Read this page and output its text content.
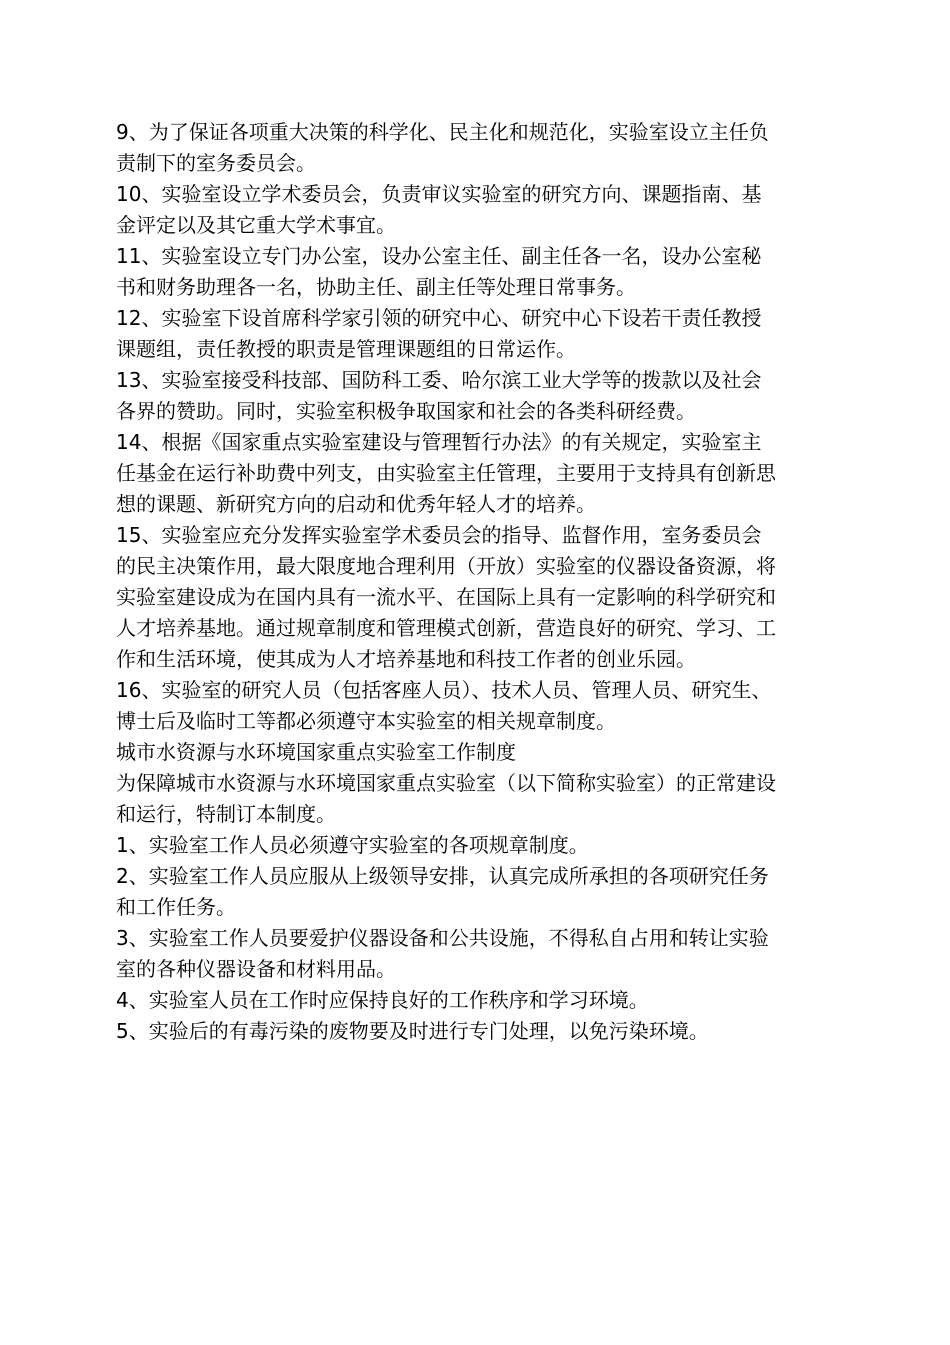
9、为了保证各项重大决策的科学化、民主化和规范化，实验室设立主任负责制下的室务委员会。

10、实验室设立学术委员会，负责审议实验室的研究方向、课题指南、基金评定以及其它重大学术事宜。

11、实验室设立专门办公室，设办公室主任、副主任各一名，设办公室秘书和财务助理各一名，协助主任、副主任等处理日常事务。

12、实验室下设首席科学家引领的研究中心、研究中心下设若干责任教授课题组，责任教授的职责是管理课题组的日常运作。

13、实验室接受科技部、国防科工委、哈尔滨工业大学等的拨款以及社会各界的赞助。同时，实验室积极争取国家和社会的各类科研经费。

14、根据《国家重点实验室建设与管理暂行办法》的有关规定，实验室主任基金在运行补助费中列支，由实验室主任管理，主要用于支持具有创新思想的课题、新研究方向的启动和优秀年轻人才的培养。

15、实验室应充分发挥实验室学术委员会的指导、监督作用，室务委员会的民主决策作用，最大限度地合理利用（开放）实验室的仪器设备资源，将实验室建设成为在国内具有一流水平、在国际上具有一定影响的科学研究和人才培养基地。通过规章制度和管理模式创新，营造良好的研究、学习、工作和生活环境，使其成为人才培养基地和科技工作者的创业乐园。

16、实验室的研究人员（包括客座人员）、技术人员、管理人员、研究生、博士后及临时工等都必须遵守本实验室的相关规章制度。

城市水资源与水环境国家重点实验室工作制度

为保障城市水资源与水环境国家重点实验室（以下简称实验室）的正常建设和运行，特制订本制度。

1、实验室工作人员必须遵守实验室的各项规章制度。

2、实验室工作人员应服从上级领导安排，认真完成所承担的各项研究任务和工作任务。

3、实验室工作人员要爱护仪器设备和公共设施，不得私自占用和转让实验室的各种仪器设备和材料用品。

4、实验室人员在工作时应保持良好的工作秩序和学习环境。

5、实验后的有毒污染的废物要及时进行专门处理，以免污染环境。
